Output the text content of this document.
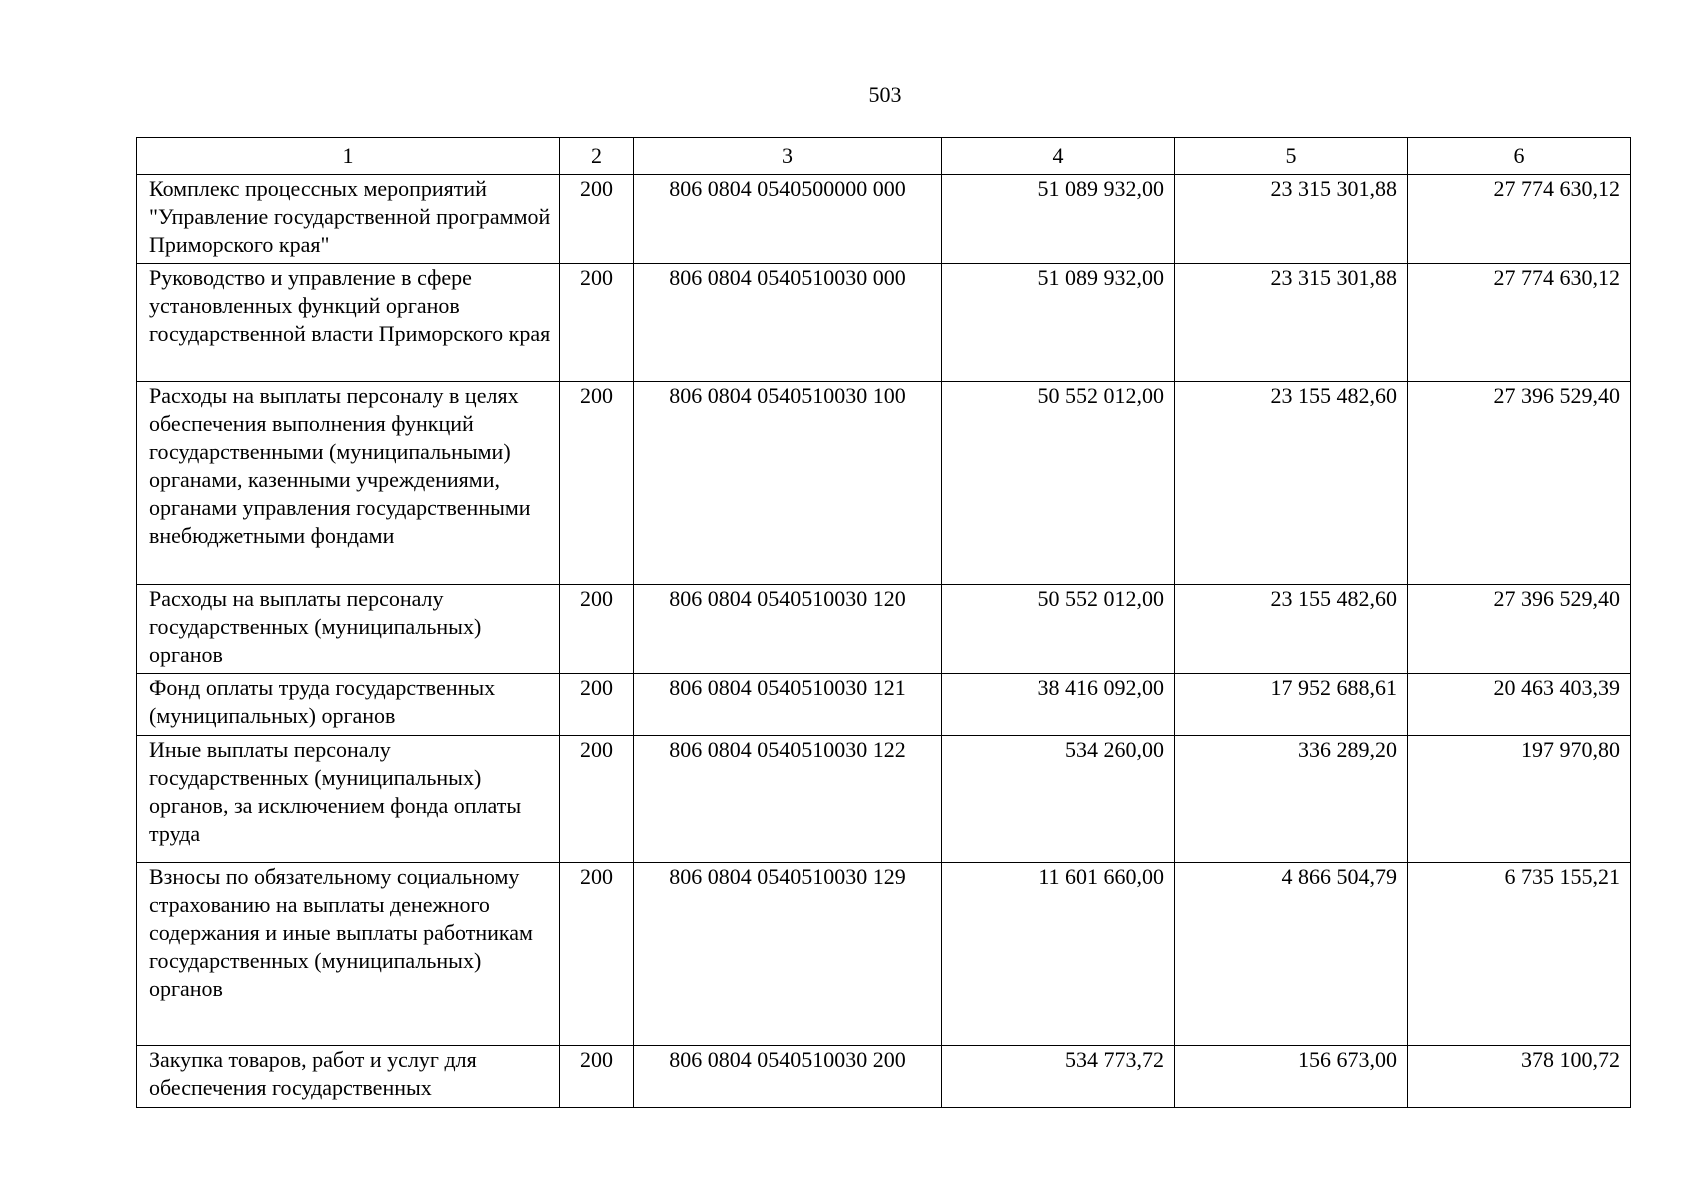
503
1	2	3	4	5	6
Комплекс процессных мероприятий "Управление государственной программой Приморского края"	200	806 0804 0540500000 000	51 089 932,00	23 315 301,88	27 774 630,12
Руководство и управление в сфере установленных функций органов государственной власти Приморского края	200	806 0804 0540510030 000	51 089 932,00	23 315 301,88	27 774 630,12
Расходы на выплаты персоналу в целях обеспечения выполнения функций государственными (муниципальными) органами, казенными учреждениями, органами управления государственными внебюджетными фондами	200	806 0804 0540510030 100	50 552 012,00	23 155 482,60	27 396 529,40
Расходы на выплаты персоналу государственных (муниципальных) органов	200	806 0804 0540510030 120	50 552 012,00	23 155 482,60	27 396 529,40
Фонд оплаты труда государственных (муниципальных) органов	200	806 0804 0540510030 121	38 416 092,00	17 952 688,61	20 463 403,39
Иные выплаты персоналу государственных (муниципальных) органов, за исключением фонда оплаты труда	200	806 0804 0540510030 122	534 260,00	336 289,20	197 970,80
Взносы по обязательному социальному страхованию на выплаты денежного содержания и иные выплаты работникам государственных (муниципальных) органов	200	806 0804 0540510030 129	11 601 660,00	4 866 504,79	6 735 155,21
Закупка товаров, работ и услуг для обеспечения государственных	200	806 0804 0540510030 200	534 773,72	156 673,00	378 100,72
